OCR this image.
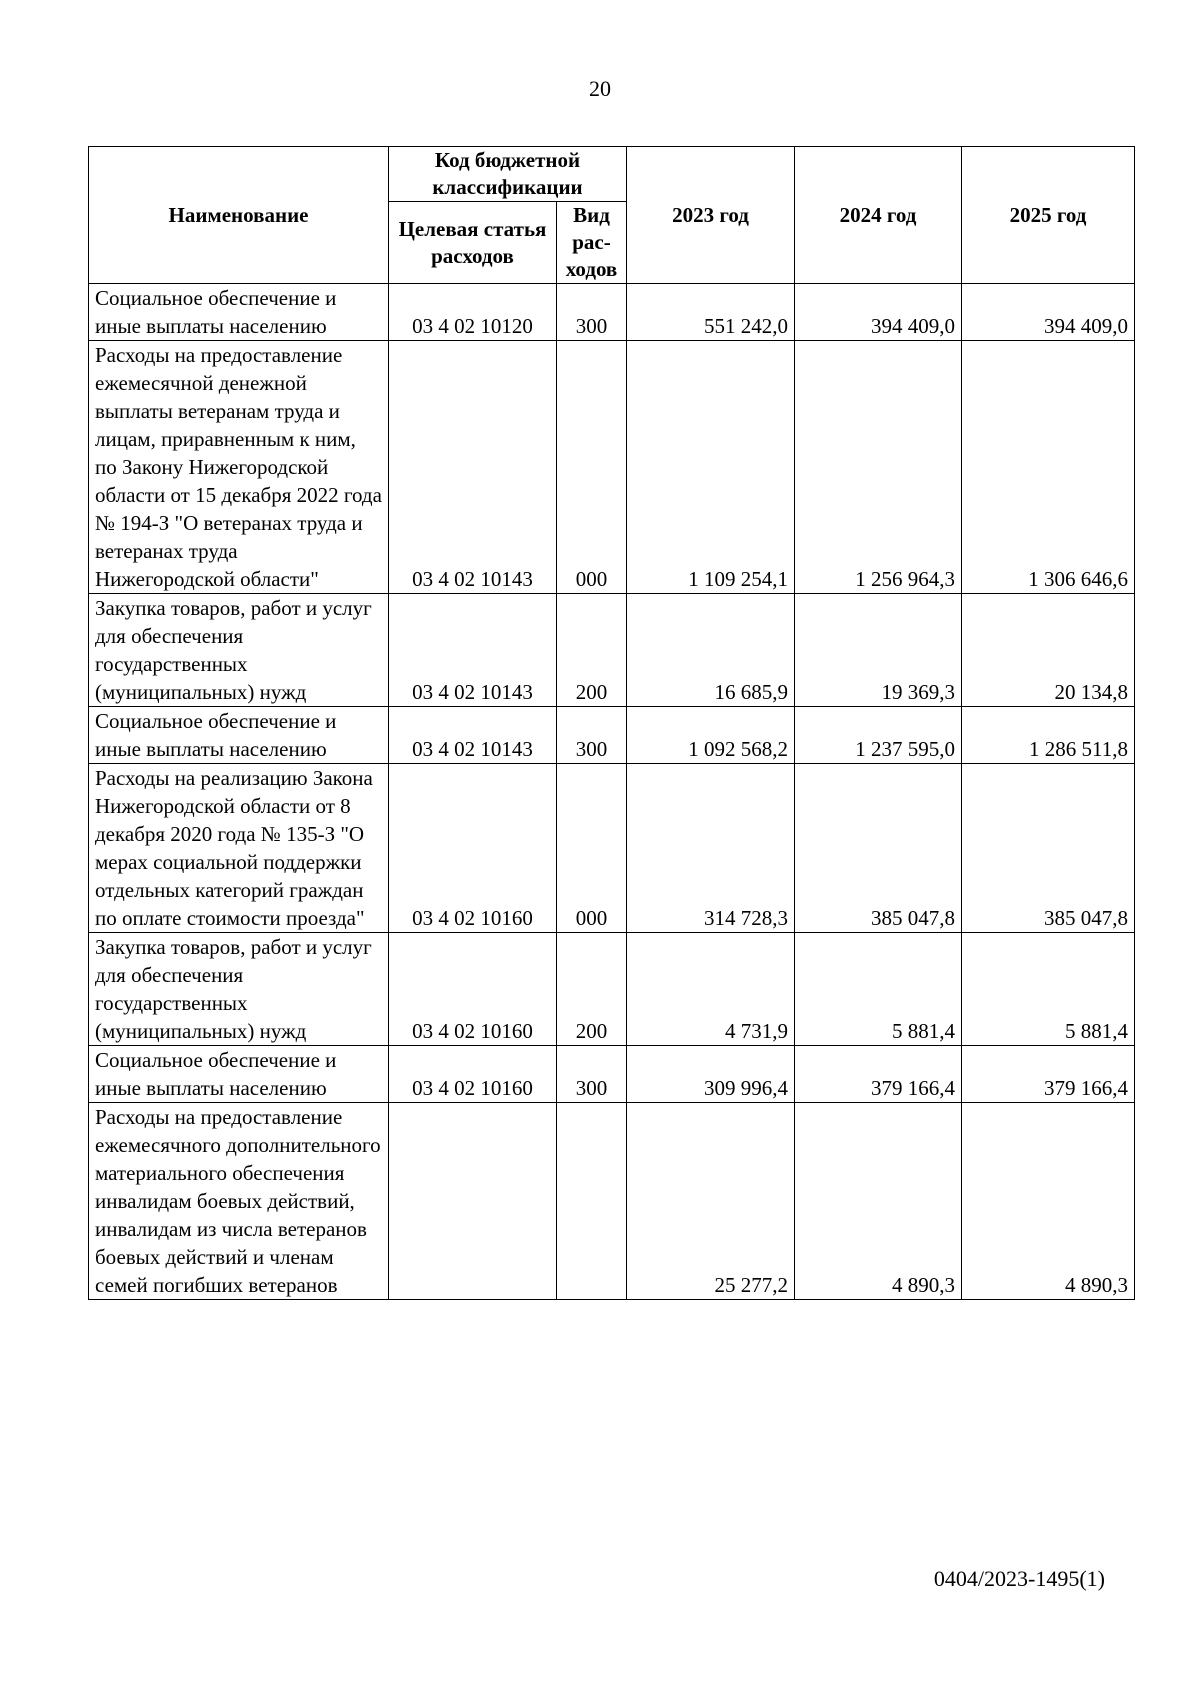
20
Наименование	Код бюджетной классификации		2023 год	2024 год	2025 год
	Целевая статья расходов	Вид рас-ходов			
Социальное обеспечение и иные выплаты населению	03 4 02 10120	300	551 242,0	394 409,0	394 409,0
Расходы на предоставление ежемесячной денежной выплаты ветеранам труда и лицам, приравненным к ним, по Закону Нижегородской области от 15 декабря 2022 года № 194-З "О ветеранах труда и ветеранах труда Нижегородской области"	03 4 02 10143	000	1 109 254,1	1 256 964,3	1 306 646,6
Закупка товаров, работ и услуг для обеспечения государственных (муниципальных) нужд	03 4 02 10143	200	16 685,9	19 369,3	20 134,8
Социальное обеспечение и иные выплаты населению	03 4 02 10143	300	1 092 568,2	1 237 595,0	1 286 511,8
Расходы на реализацию Закона Нижегородской области от 8 декабря 2020 года № 135-З "О мерах социальной поддержки отдельных категорий граждан по оплате стоимости проезда"	03 4 02 10160	000	314 728,3	385 047,8	385 047,8
Закупка товаров, работ и услуг для обеспечения государственных (муниципальных) нужд	03 4 02 10160	200	4 731,9	5 881,4	5 881,4
Социальное обеспечение и иные выплаты населению	03 4 02 10160	300	309 996,4	379 166,4	379 166,4
Расходы на предоставление ежемесячного дополнительного материального обеспечения инвалидам боевых действий, инвалидам из числа ветеранов боевых действий и членам семей погибших ветеранов			25 277,2	4 890,3	4 890,3
0404/2023-1495(1)
